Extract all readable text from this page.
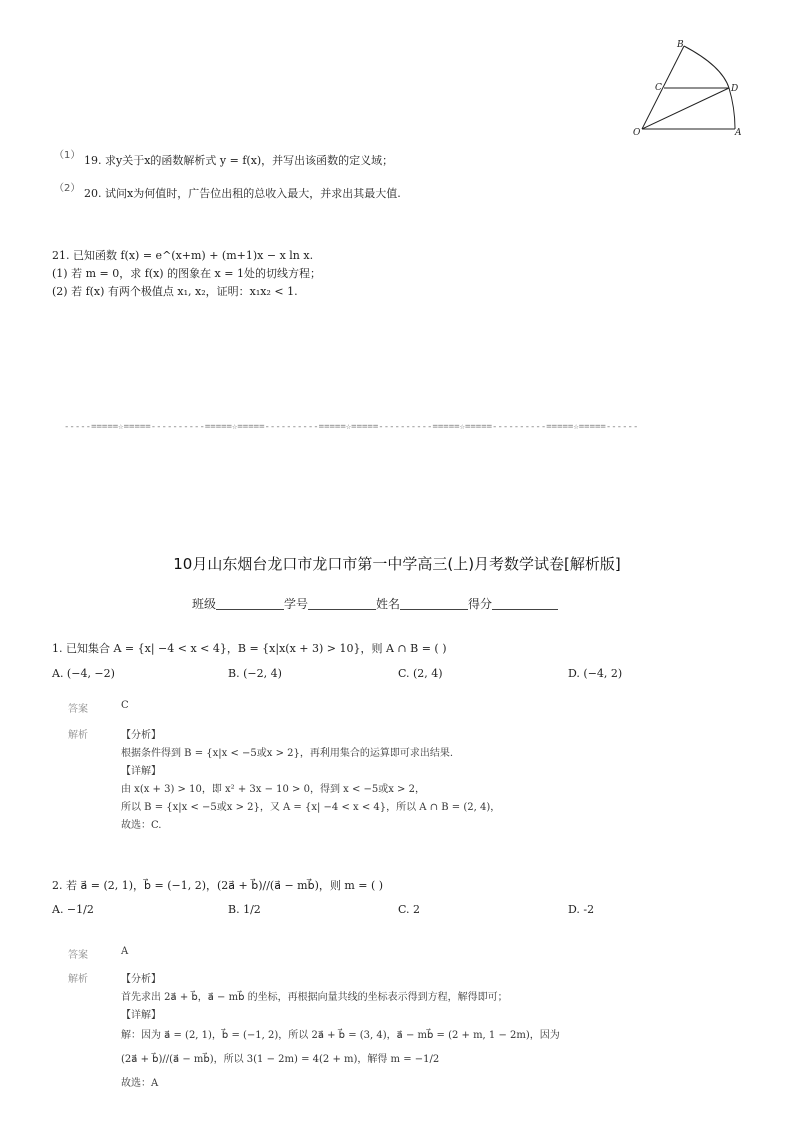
B
C	D
O	A
（1） 19. 求y关于x的函数解析式 y = f(x)，并写出该函数的定义域；
（2） 20. 试问x为何值时，广告位出租的总收入最大，并求出其最大值.
21. 已知函数 f(x) = e^(x+m) + (m+1)x − x ln x.
(1) 若 m = 0，求 f(x) 的图象在 x = 1处的切线方程；
(2) 若 f(x) 有两个极值点 x₁, x₂，证明：x₁x₂ < 1.
-----=====☆=====----------=====☆=====----------=====☆=====----------=====☆=====----------=====☆=====------
10月山东烟台龙口市龙口市第一中学高三(上)月考数学试卷[解析版]
班级	学号	姓名	得分
1. 已知集合 A = {x| −4 < x < 4}，B = {x|x(x + 3) > 10}，则 A ∩ B = ( )
A. (−4, −2)	B. (−2, 4)	C. (2, 4)	D. (−4, 2)
答案	C
解析	【分析】
根据条件得到 B = {x|x < −5或x > 2}，再利用集合的运算即可求出结果.
【详解】
由 x(x + 3) > 10，即 x² + 3x − 10 > 0，得到 x < −5或x > 2，
所以 B = {x|x < −5或x > 2}，又 A = {x| −4 < x < 4}，所以 A ∩ B = (2, 4)，
故选：C.
2. 若 a⃗ = (2, 1)，b⃗ = (−1, 2)，(2a⃗ + b⃗)//(a⃗ − mb⃗)，则 m = ( )
A. −1/2	B. 1/2	C. 2	D. -2
答案	A
解析	【分析】
首先求出 2a⃗ + b⃗，a⃗ − mb⃗ 的坐标，再根据向量共线的坐标表示得到方程，解得即可；
【详解】
解：因为 a⃗ = (2, 1)，b⃗ = (−1, 2)，所以 2a⃗ + b⃗ = (3, 4)，a⃗ − mb⃗ = (2 + m, 1 − 2m)，因为
(2a⃗ + b⃗)//(a⃗ − mb⃗)，所以 3(1 − 2m) = 4(2 + m)，解得 m = −1/2
故选：A
